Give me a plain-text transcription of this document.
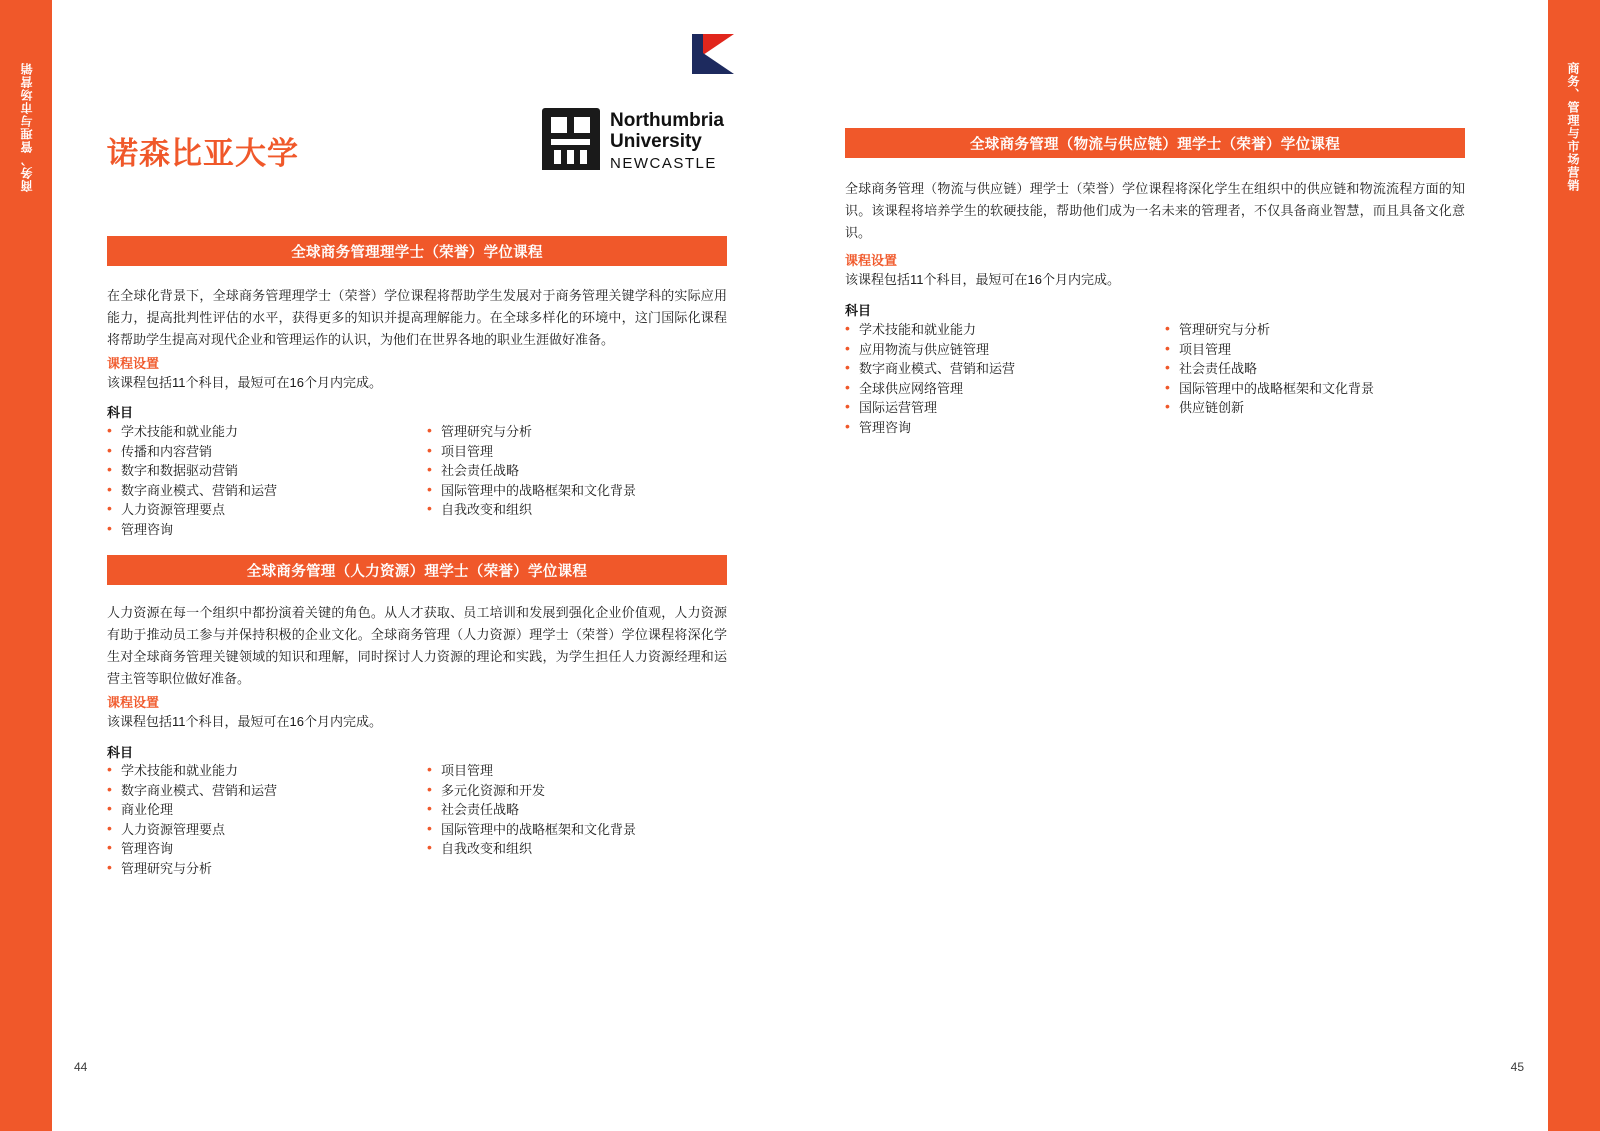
商务、管理与市场营销	商务、管理与市场营销
诺森比亚大学
Northumbria
University
NEWCASTLE
全球商务管理理学士（荣誉）学位课程
在全球化背景下，全球商务管理理学士（荣誉）学位课程将帮助学生发展对于商务管理关键学科的实际应用能力，提高批判性评估的水平，获得更多的知识并提高理解能力。在全球多样化的环境中，这门国际化课程将帮助学生提高对现代企业和管理运作的认识，为他们在世界各地的职业生涯做好准备。
课程设置
该课程包括11个科目，最短可在16个月内完成。
科目
• 学术技能和就业能力
• 传播和内容营销
• 数字和数据驱动营销
• 数字商业模式、营销和运营
• 人力资源管理要点
• 管理咨询
• 管理研究与分析
• 项目管理
• 社会责任战略
• 国际管理中的战略框架和文化背景
• 自我改变和组织
全球商务管理（人力资源）理学士（荣誉）学位课程
人力资源在每一个组织中都扮演着关键的角色。从人才获取、员工培训和发展到强化企业价值观，人力资源有助于推动员工参与并保持积极的企业文化。全球商务管理（人力资源）理学士（荣誉）学位课程将深化学生对全球商务管理关键领域的知识和理解，同时探讨人力资源的理论和实践，为学生担任人力资源经理和运营主管等职位做好准备。
课程设置
该课程包括11个科目，最短可在16个月内完成。
科目
• 学术技能和就业能力
• 数字商业模式、营销和运营
• 商业伦理
• 人力资源管理要点
• 管理咨询
• 管理研究与分析
• 项目管理
• 多元化资源和开发
• 社会责任战略
• 国际管理中的战略框架和文化背景
• 自我改变和组织
44
全球商务管理（物流与供应链）理学士（荣誉）学位课程
全球商务管理（物流与供应链）理学士（荣誉）学位课程将深化学生在组织中的供应链和物流流程方面的知识。该课程将培养学生的软硬技能，帮助他们成为一名未来的管理者，不仅具备商业智慧，而且具备文化意识。
课程设置
该课程包括11个科目，最短可在16个月内完成。
科目
• 学术技能和就业能力
• 应用物流与供应链管理
• 数字商业模式、营销和运营
• 全球供应网络管理
• 国际运营管理
• 管理咨询
• 管理研究与分析
• 项目管理
• 社会责任战略
• 国际管理中的战略框架和文化背景
• 供应链创新
45
